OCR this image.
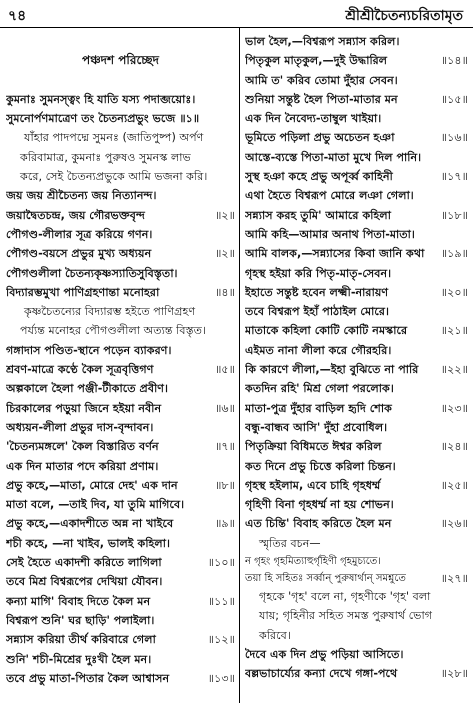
৭৪	শ্রীশ্রীচৈতন্যচরিতামৃত
পঞ্চদশ পরিচ্ছেদ
কুমনাঃ সুমনস্ত্বং হি যাতি যস্য পদাব্জয়োঃ।
সুমনোর্পণমাত্রেণ তং চৈতন্যপ্রভুং ভজে ॥১॥
যাঁহার পাদপদ্মে সুমনঃ (জাতিপুষ্প) অর্পণ
করিবামাত্র, কুমনাঃ পুরুষও সুমনস্ক লাভ
করে, সেই চৈতন্যপ্রভুকে আমি ভজনা করি।
জয় জয় শ্রীচৈতন্য জয় নিত্যানন্দ।
জয়াদ্বৈতচন্দ্র, জয় গৌরভক্তবৃন্দ	॥২॥
পৌগণ্ড-লীলার সূত্র করিয়ে গণন।
পৌগণ্ড-বয়সে প্রভুর মুখ্য অধ্যয়ন	॥২॥
পৌগণ্ডলীলা চৈতন্যকৃষ্ণস্যাতিসুবিস্তৃতা।
বিদ্যারম্ভমুখা পাণিগ্রহণান্তা মনোহরা	॥৪॥
কৃষ্ণচৈতন্যের বিদ্যারম্ভ হইতে পাণিগ্রহণ
পর্য্যন্ত মনোহর পৌগণ্ডলীলা অত্যন্ত বিস্তৃত।
গঙ্গাদাস পণ্ডিত-স্থানে পড়েন ব্যাকরণ।
শ্রবণ-মাত্রে কণ্ঠে কৈল সূত্রবৃত্তিগণ	॥৫॥
অল্পকালে হৈলা পঞ্জী-টীকাতে প্রবীণ।
চিরকালের পড়ুয়া জিনে হইয়া নবীন	॥৬॥
অধ্যয়ন-লীলা প্রভুর দাস-বৃন্দাবন।
'চৈতন্যমঙ্গলে' কৈল বিস্তারিত বর্ণন	॥৭॥
এক দিন মাতার পদে করিয়া প্রণাম।
প্রভু কহে,—মাতা, মোরে দেহ' এক দান	॥৮॥
মাতা বলে, —তাই দিব, যা তুমি মাগিবে।
প্রভু কহে,—একাদশীতে অন্ন না খাইবে	॥৯॥
শচী কহে, —না খাইব, ভালই কহিলা।
সেই হৈতে একাদশী করিতে লাগিলা	॥১০॥
তবে মিশ্র বিশ্বরূপের দেখিয়া যৌবন।
কন্যা মাগি' বিবাহ দিতে কৈল মন	॥১১॥
বিশ্বরূপ শুনি' ঘর ছাড়ি' পলাইলা।
সন্ন্যাস করিয়া তীর্থ করিবারে গেলা	॥১২॥
শুনি' শচী-মিশ্রের দুঃখী হৈল মন।
তবে প্রভু মাতা-পিতার কৈল আশ্বাসন	॥১৩॥
ভাল হৈল,—বিশ্বরূপ সন্ন্যাস করিল।
পিতৃকুল মাতৃকুল,—দুই উদ্ধারিল	॥১৪॥
আমি ত' করিব তোমা দুঁহার সেবন।
শুনিয়া সন্তুষ্ট হৈল পিতা-মাতার মন	॥১৫॥
এক দিন নৈবেদ্য-তাম্বুল খাইয়া।
ভূমিতে পড়িলা প্রভু অচেতন হঞা	॥১৬॥
আস্তে-ব্যস্তে পিতা-মাতা মুখে দিল পানি।
সুস্থ হঞা কহে প্রভু অপূর্ব্ব কাহিনী	॥১৭॥
এথা হৈতে বিশ্বরূপ মোরে লঞা গেলা।
সন্ন্যাস করহ তুমি' আমারে কহিলা	॥১৮॥
আমি কহি—আমার অনাথ পিতা-মাতা।
আমি বালক,—সন্ন্যাসের কিবা জানি কথা ॥১৯॥
গৃহস্থ হইয়া করি পিতৃ-মাতৃ-সেবন।
ইহাতে সন্তুষ্ট হবেন লক্ষ্মী-নারায়ণ	॥২০॥
তবে বিশ্বরূপ ইহাঁ পাঠাইল মোরে।
মাতাকে কহিলা কোটি কোটি নমস্কারে	॥২১॥
এইমত নানা লীলা করে গৌরহরি।
কি কারণে লীলা,—ইহা বুঝিতে না পারি ॥২২॥
কতদিন রহি' মিশ্র গেলা পরলোক।
মাতা-পুত্র দুঁহার বাড়িল হৃদি শোক	॥২৩॥
বন্ধু-বান্ধব আসি' দুঁহা প্রবোধিল।
পিতৃক্রিয়া বিধিমতে ঈশ্বর করিল	॥২৪॥
কত দিনে প্রভু চিত্তে করিলা চিন্তন।
গৃহস্থ হইলাম, এবে চাহি গৃহধর্ম্ম	॥২৫॥
গৃহিণী বিনা গৃহধর্ম্ম না হয় শোভন।
এত চিন্তি' বিবাহ করিতে হৈল মন	॥২৬॥
স্মৃতির বচন—
ন গৃহং গৃহমিত্যাহুর্গৃহিণী গৃহমুচ্যতে।
তয়া হি সহিতঃ সর্ব্বান্ পুরুষার্থান্ সমশ্নুতে	॥২৭॥
গৃহকে 'গৃহ' বলে না, গৃহণীকে 'গৃহ' বলা
যায়; গৃহিনীর সহিত সমস্ত পুরুষার্থ ভোগ
করিবে।
দৈবে এক দিন প্রভু পড়িয়া আসিতে।
বল্লভাচার্য্যের কন্যা দেখে গঙ্গা-পথে	॥২৮॥
